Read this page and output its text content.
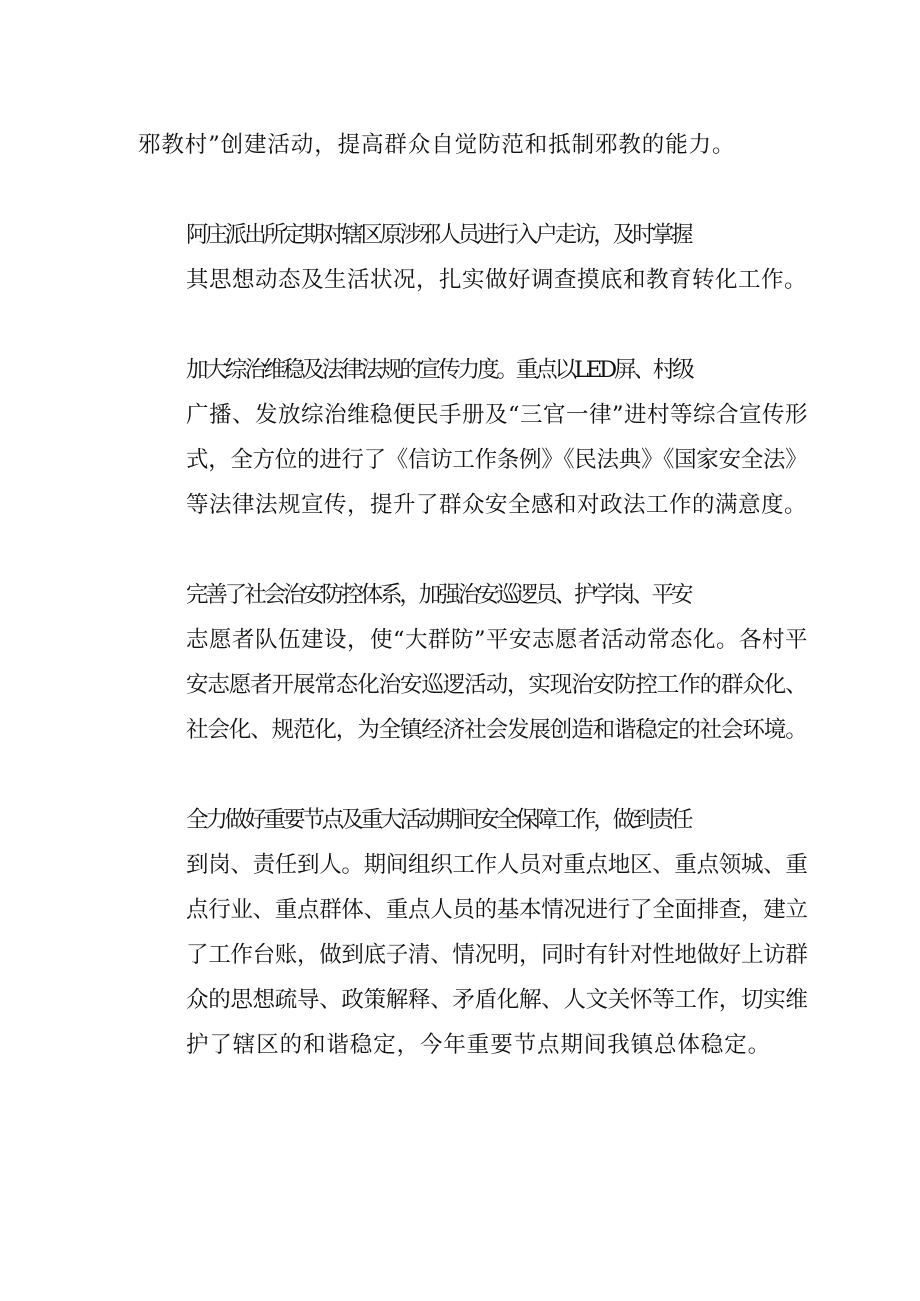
邪教村”创建活动，提高群众自觉防范和抵制邪教的能力。

阿庄派出所定期对辖区原涉邪人员进行入户走访，及时掌握
其思想动态及生活状况，扎实做好调查摸底和教育转化工作。

加大综治维稳及法律法规的宣传力度。重点以LED屏、村级
广播、发放综治维稳便民手册及“三官一律”进村等综合宣传形
式，全方位的进行了《信访工作条例》《民法典》《国家安全法》
等法律法规宣传，提升了群众安全感和对政法工作的满意度。

完善了社会治安防控体系，加强治安巡逻员、护学岗、平安
志愿者队伍建设，使“大群防”平安志愿者活动常态化。各村平
安志愿者开展常态化治安巡逻活动，实现治安防控工作的群众化、
社会化、规范化，为全镇经济社会发展创造和谐稳定的社会环境。

全力做好重要节点及重大活动期间安全保障工作，做到责任
到岗、责任到人。期间组织工作人员对重点地区、重点领城、重
点行业、重点群体、重点人员的基本情况进行了全面排查，建立
了工作台账，做到底子清、情况明，同时有针对性地做好上访群
众的思想疏导、政策解释、矛盾化解、人文关怀等工作，切实维
护了辖区的和谐稳定，今年重要节点期间我镇总体稳定。
